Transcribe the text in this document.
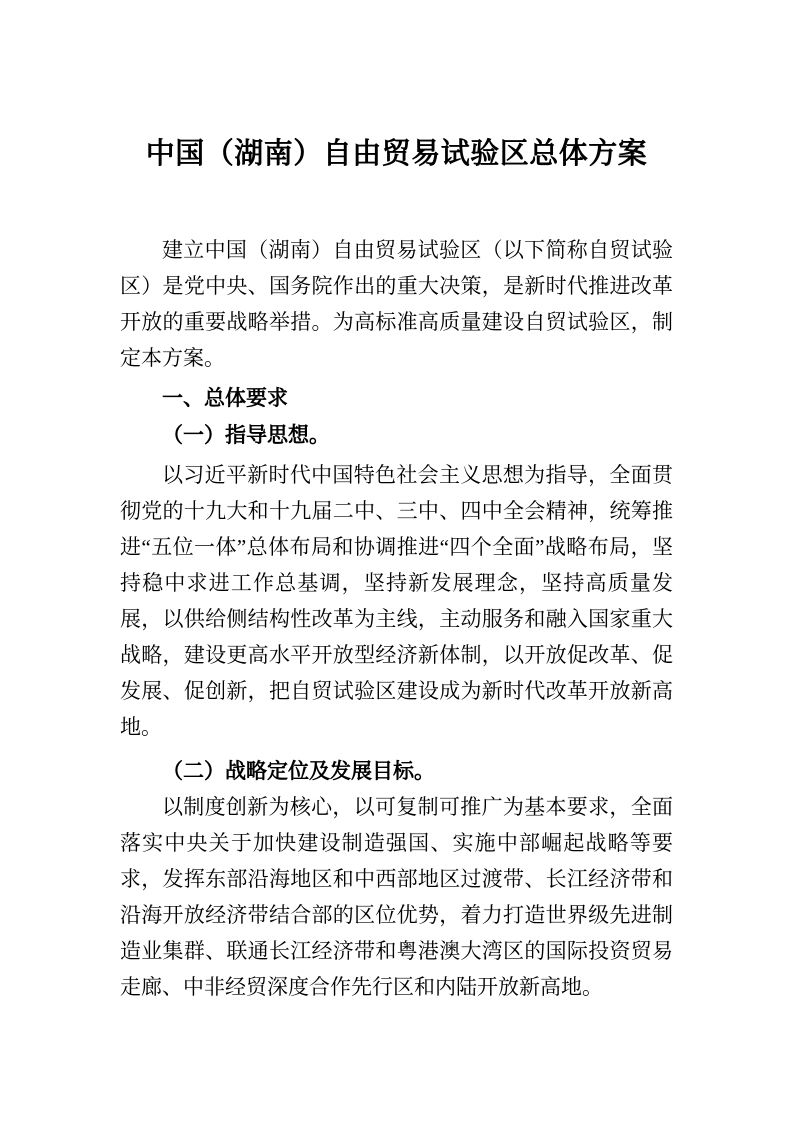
中国（湖南）自由贸易试验区总体方案

建立中国（湖南）自由贸易试验区（以下简称自贸试验区）是党中央、国务院作出的重大决策，是新时代推进改革开放的重要战略举措。为高标准高质量建设自贸试验区，制定本方案。

一、总体要求
（一）指导思想。

以习近平新时代中国特色社会主义思想为指导，全面贯彻党的十九大和十九届二中、三中、四中全会精神，统筹推进“五位一体”总体布局和协调推进“四个全面”战略布局，坚持稳中求进工作总基调，坚持新发展理念，坚持高质量发展，以供给侧结构性改革为主线，主动服务和融入国家重大战略，建设更高水平开放型经济新体制，以开放促改革、促发展、促创新，把自贸试验区建设成为新时代改革开放新高地。

（二）战略定位及发展目标。

以制度创新为核心，以可复制可推广为基本要求，全面落实中央关于加快建设制造强国、实施中部崛起战略等要求，发挥东部沿海地区和中西部地区过渡带、长江经济带和沿海开放经济带结合部的区位优势，着力打造世界级先进制造业集群、联通长江经济带和粤港澳大湾区的国际投资贸易走廊、中非经贸深度合作先行区和内陆开放新高地。
